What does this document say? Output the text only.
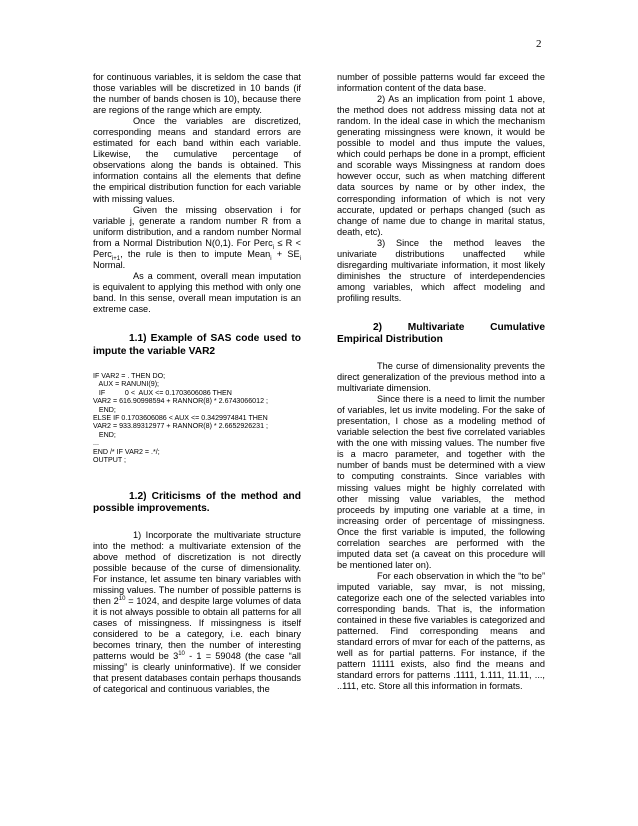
2

for continuous variables, it is seldom the case that those variables will be discretized in 10 bands (if the number of bands chosen is 10), because there are regions of the range which are empty.

Once the variables are discretized, corresponding means and standard errors are estimated for each band within each variable. Likewise, the cumulative percentage of observations along the bands is obtained. This information contains all the elements that define the empirical distribution function for each variable with missing values.

Given the missing observation i for variable j, generate a random number R from a uniform distribution, and a random number Normal from a Normal Distribution N(0,1). For Perc$_i$ ≤ R < Perc$_{i+1}$, the rule is then to impute Mean$_i$ + $SE_i$ Normal.

As a comment, overall mean imputation is equivalent to applying this method with only one band. In this sense, overall mean imputation is an extreme case.

1.1) Example of SAS code used to impute the variable VAR2

IF VAR2 = . THEN DO;
AUX = RANUNI(9);
IF          0 <  AUX <= 0.1703606086 THEN
VAR2 = 616.90998594 + RANNOR(8) * 2.6743066012 ;
END;
ELSE IF 0.1703606086 < AUX <= 0.3429974841 THEN
VAR2 = 933.89312977 + RANNOR(8) * 2.6652926231 ;
END;
...
END /* IF VAR2 = .*/;
OUTPUT ;

1.2) Criticisms of the method and possible improvements.

1) Incorporate the multivariate structure into the method: a multivariate extension of the above method of discretization is not directly possible because of the curse of dimensionality. For instance, let assume ten binary variables with missing values. The number of possible patterns is then $2^{10} = 1024$, and despite large volumes of data it is not always possible to obtain all patterns for all cases of missingness. If missingness is itself considered to be a category, i.e. each binary becomes trinary, then the number of interesting patterns would be $3^{10} - 1 = 59048$ (the case “all missing” is clearly uninformative). If we consider that present databases contain perhaps thousands of categorical and continuous variables, the

number of possible patterns would far exceed the information content of the data base.

2) As an implication from point 1 above, the method does not address missing data not at random. In the ideal case in which the mechanism generating missingness were known, it would be possible to model and thus impute the values, which could perhaps be done in a prompt, efficient and scorable ways Missingness at random does however occur, such as when matching different data sources by name or by other index, the corresponding information of which is not very accurate, updated or perhaps changed (such as change of name due to change in marital status, death, etc).

3) Since the method leaves the univariate distributions unaffected while disregarding multivariate information, it most likely diminishes the structure of interdependencies among variables, which affect modeling and profiling results.

2) Multivariate Cumulative Empirical Distribution

The curse of dimensionality prevents the direct generalization of the previous method into a multivariate dimension.

Since there is a need to limit the number of variables, let us invite modeling. For the sake of presentation, I chose as a modeling method of variable selection the best five correlated variables with the one with missing values. The number five is a macro parameter, and together with the number of bands must be determined with a view to computing constraints. Since variables with missing values might be highly correlated with other missing value variables, the method proceeds by imputing one variable at a time, in increasing order of percentage of missingness. Once the first variable is imputed, the following correlation searches are performed with the imputed data set (a caveat on this procedure will be mentioned later on).

For each observation in which the “to be” imputed variable, say mvar, is not missing, categorize each one of the selected variables into corresponding bands. That is, the information contained in these five variables is categorized and patterned. Find corresponding means and standard errors of mvar for each of the patterns, as well as for partial patterns. For instance, if the pattern 11111 exists, also find the means and standard errors for patterns .1111, 1.111, 11.11, ..., ..111, etc. Store all this information in formats.
